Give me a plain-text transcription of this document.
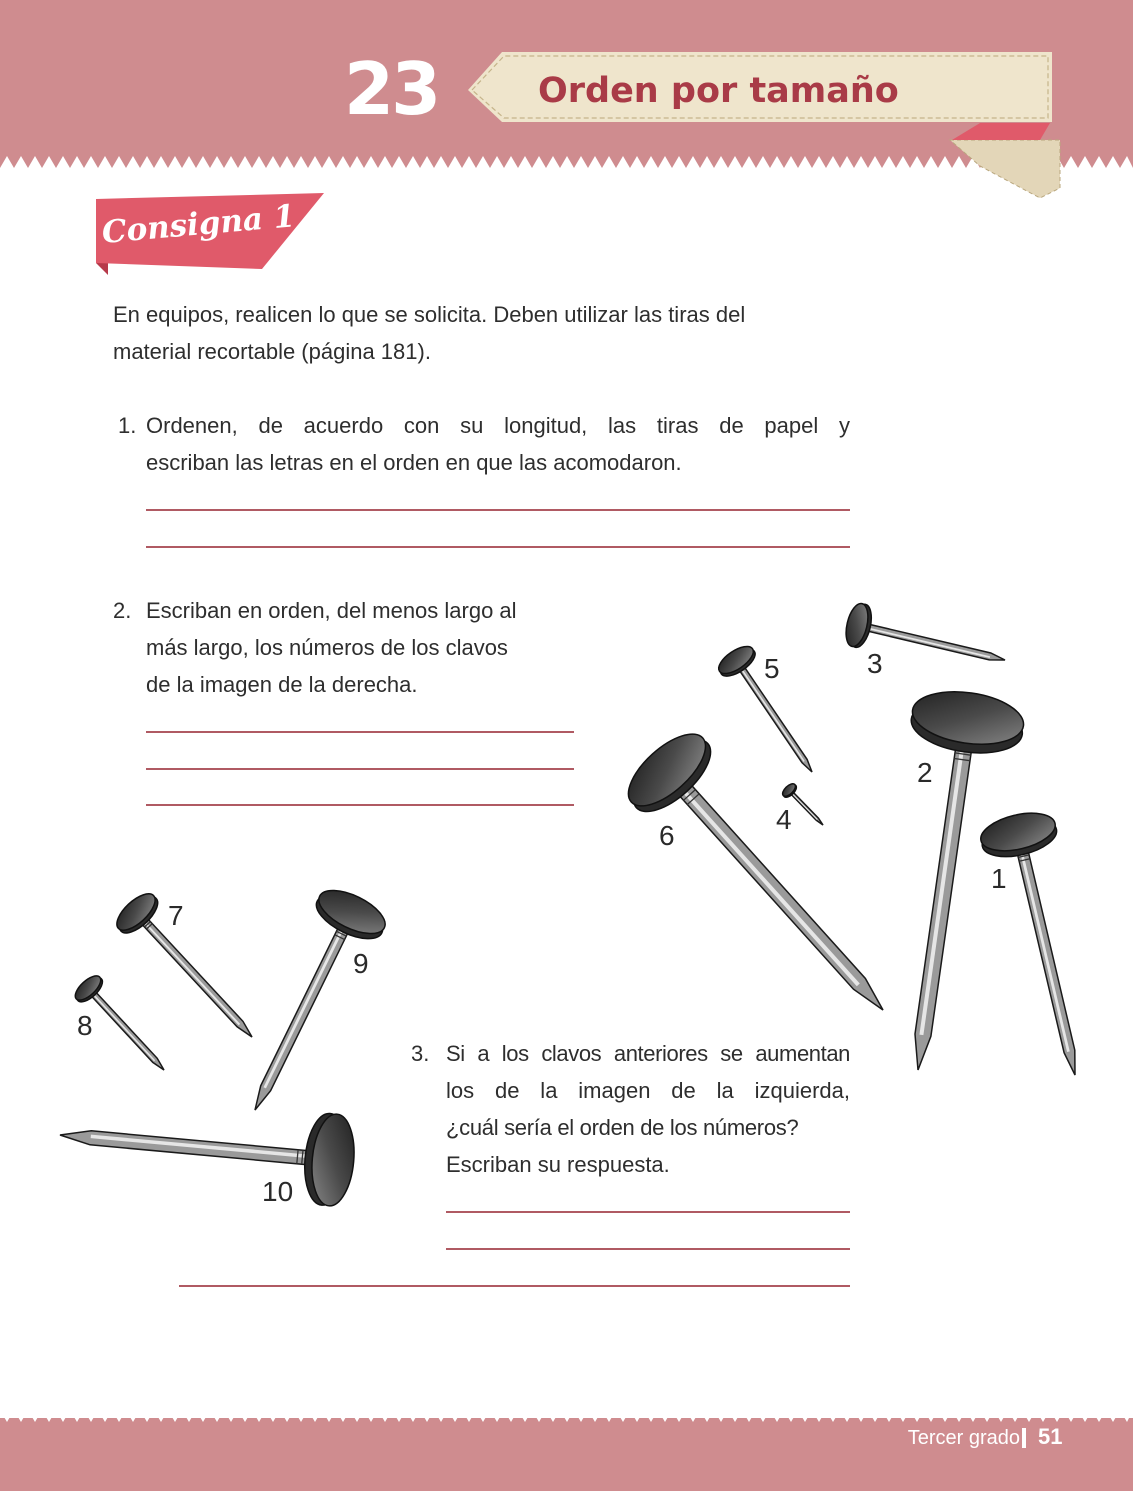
23	Orden por tamaño
Consigna 1
En equipos, realicen lo que se solicita. Deben utilizar las tiras del
material recortable (página 181).
1. Ordenen, de acuerdo con su longitud, las tiras de papel y
escriban las letras en el orden en que las acomodaron.
2. Escriban en orden, del menos largo al
más largo, los números de los clavos
de la imagen de la derecha.
3. Si a los clavos anteriores se aumentan
los de la imagen de la izquierda,
¿cuál sería el orden de los números?
Escriban su respuesta.
1
2
3
4
5
6
7
8
9
10
Tercer grado 51
